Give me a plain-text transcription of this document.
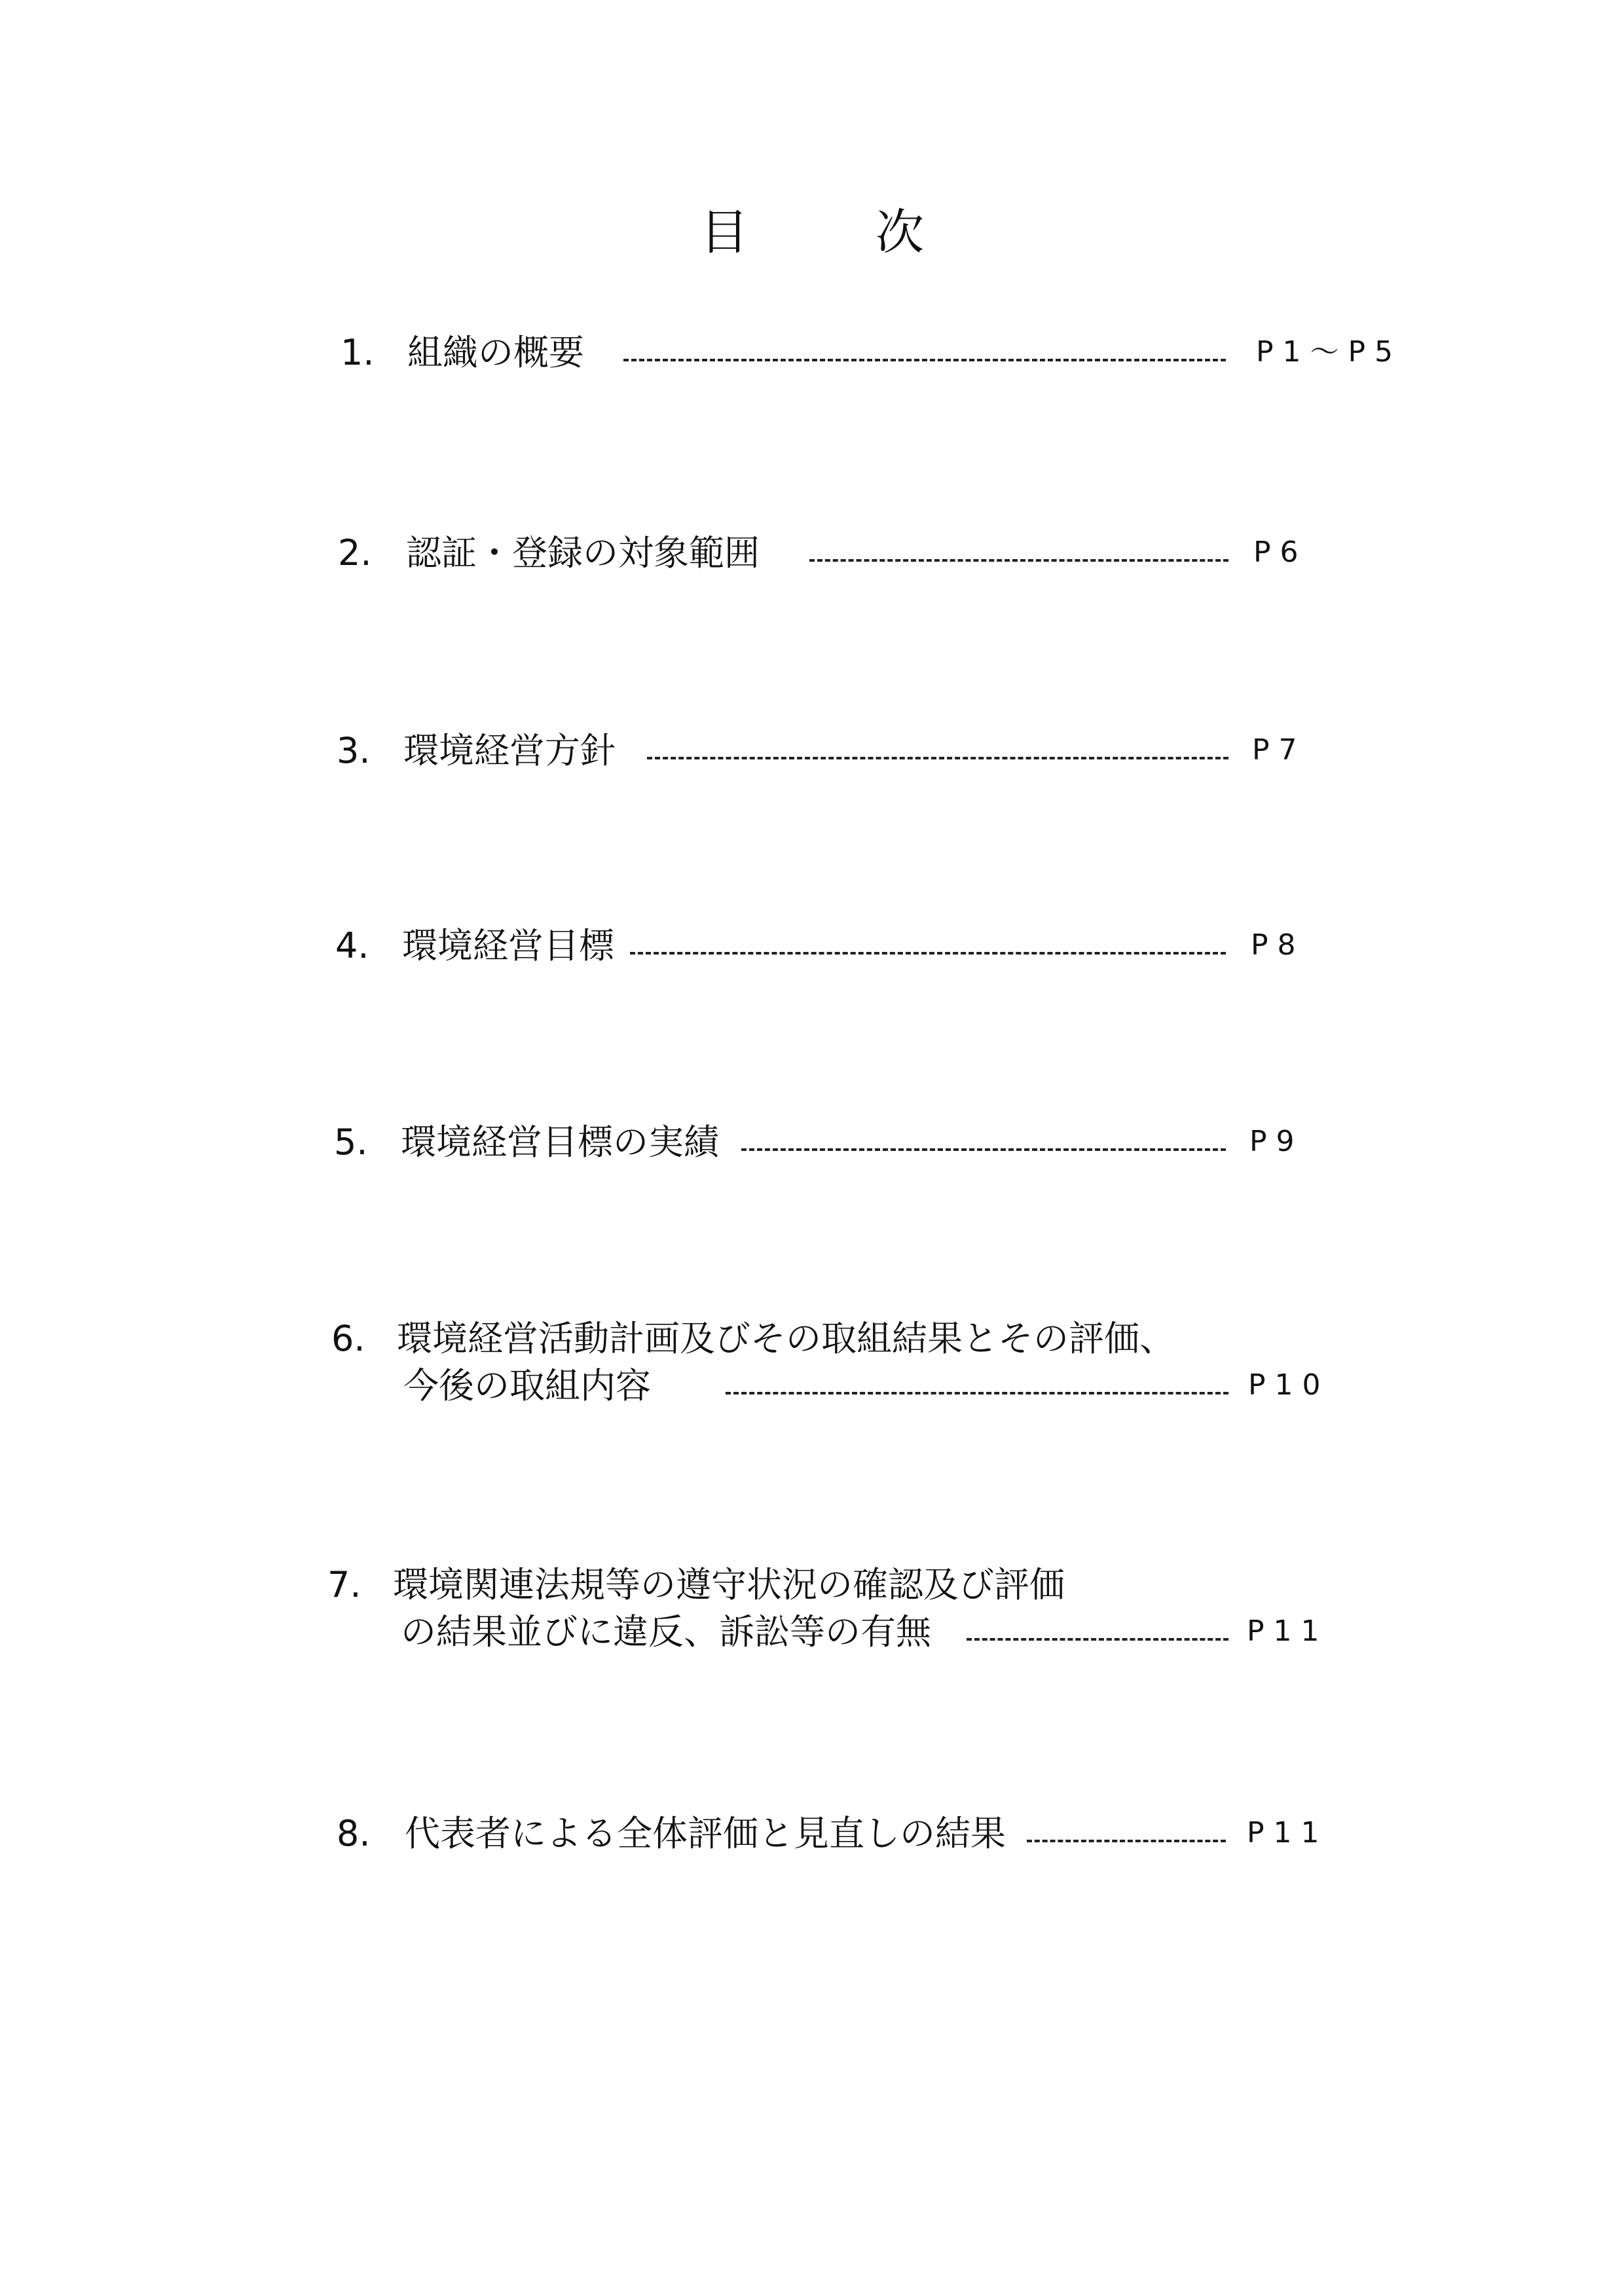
目　次
1. 組織の概要	P1～P5
2. 認証・登録の対象範囲	P6
3. 環境経営方針	P7
4. 環境経営目標	P8
5. 環境経営目標の実績	P9
6. 環境経営活動計画及びその取組結果とその評価、
今後の取組内容	P10
7. 環境関連法規等の遵守状況の確認及び評価
の結果並びに違反、訴訟等の有無	P11
8. 代表者による全体評価と見直しの結果	P11
